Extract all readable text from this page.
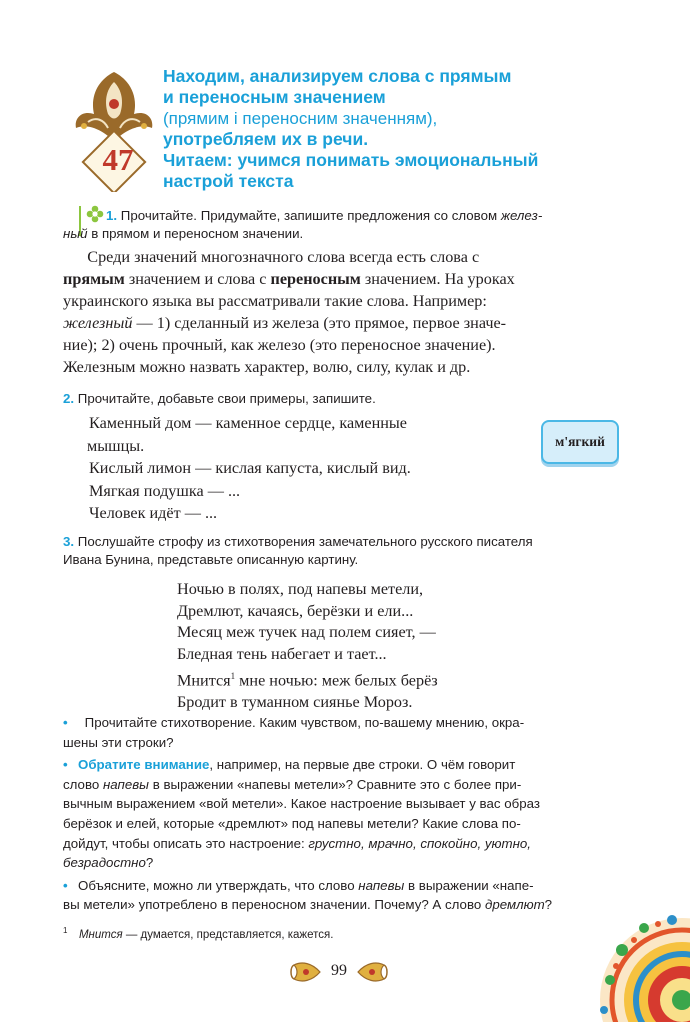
47
Находим, анализируем слова с прямым
и переносным значением
(прямим і переносним значенням),
употребляем их в речи.
Читаем: учимся понимать эмоциональный
настрой текста
1. Прочитайте. Придумайте, запишите предложения со словом желез-
ный в прямом и переносном значении.
  Среди значений многозначного слова всегда есть слова с
прямым значением и слова с переносным значением. На уроках
украинского языка вы рассматривали такие слова. Например:
железный — 1) сделанный из железа (это прямое, первое значе-
ние); 2) очень прочный, как железо (это переносное значение).
Железным можно назвать характер, волю, силу, кулак и др.
2. Прочитайте, добавьте свои примеры, запишите.
Каменный дом — каменное сердце, каменные
мышцы.
Кислый лимон — кислая капуста, кислый вид.
Мягкая подушка — ...
Человек идёт — ...
м'ягкий
3. Послушайте строфу из стихотворения замечательного русского писателя
Ивана Бунина, представьте описанную картину.
Ночью в полях, под напевы метели,
Дремлют, качаясь, берёзки и ели...
Месяц меж тучек над полем сияет, —
Бледная тень набегает и тает...
Мнится$^1$ мне ночью: меж белых берёз
Бродит в туманном сиянье Мороз.
•  Прочитайте стихотворение. Каким чувством, по-вашему мнению, окра-
шены эти строки?
•  Обратите внимание, например, на первые две строки. О чём говорит
слово напевы в выражении «напевы метели»? Сравните это с более при-
вычным выражением «вой метели». Какое настроение вызывает у вас образ
берёзок и елей, которые «дремлют» под напевы метели? Какие слова по-
дойдут, чтобы описать это настроение: грустно, мрачно, спокойно, уютно,
безрадостно?
•  Объясните, можно ли утверждать, что слово напевы в выражении «напе-
вы метели» употреблено в переносном значении. Почему? А слово дремлют?
$^1$  Мнится — думается, представляется, кажется.
99
